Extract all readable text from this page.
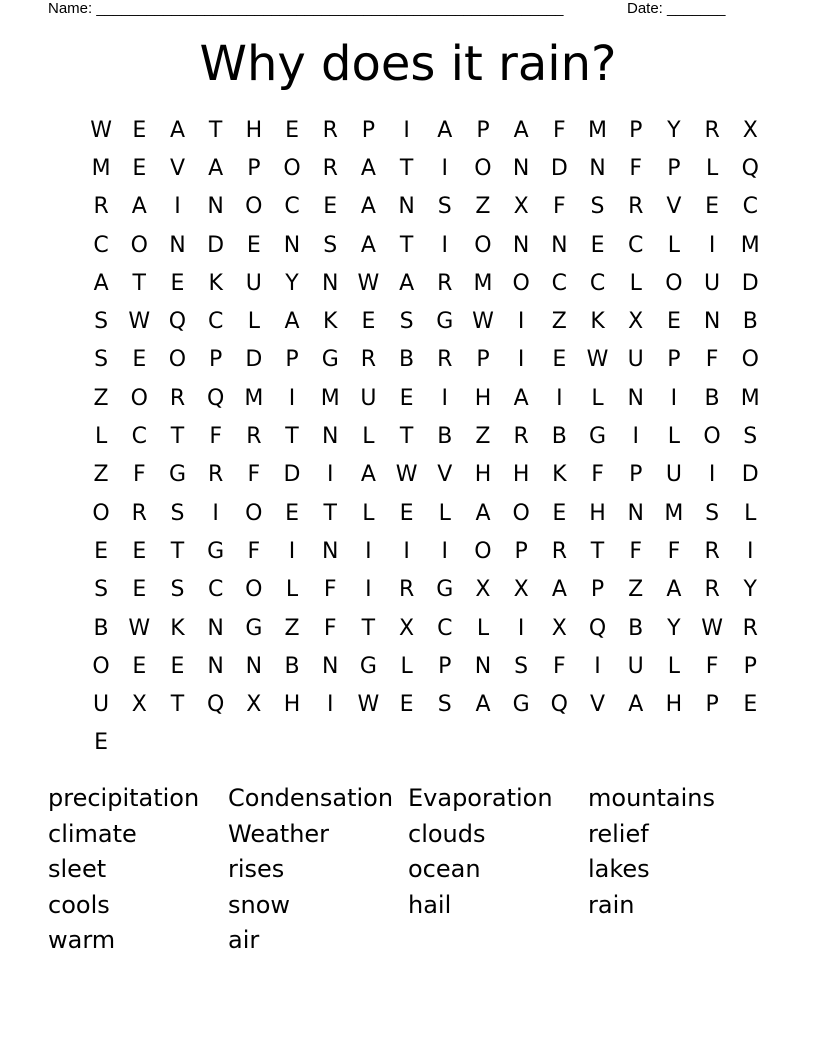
Name: ________________________________________________________	Date: _______
Why does it rain?
W E	A	T	H	E	R	P	I	A	P	A	F	M	P	Y	R	X
M E	V	A	P	O R	A	T	I	O N D N	F	P	L	Q
R	A	I	N O C	E	A	N	S	Z	X	F	S	R	V	E	C
C O N D	E	N	S	A	T	I	O N N	E	C	L	I	M
A	T	E	K	U	Y	N W A	R M O C	C	L	O U D
S W Q C	L	A	K	E	S	G W	I	Z	K	X	E	N	B
S	E	O	P	D	P	G	R	B	R	P	I	E W U	P	F	O
Z O R Q M	I	M U	E	I	H	A	I	L	N	I	B M
L	C	T	F	R	T	N	L	T	B	Z	R	B	G	I	L	O	S
Z	F	G	R	F	D	I	A W V	H H	K	F	P	U	I	D
O R	S	I	O	E	T	L	E	L	A O	E	H N M S	L
E	E	T	G	F	I	N	I	I	I	O	P	R	T	F	F	R	I
S	E	S	C O	L	F	I	R	G	X	X	A	P	Z	A	R	Y
B W K	N G	Z	F	T	X	C	L	I	X Q B	Y W R
O	E	E	N N	B	N G	L	P	N	S	F	I	U	L	F	P
U	X	T	Q X	H	I	W E	S	A	G Q	V	A	H	P	E
E
precipitation	Condensation Evaporation	mountains
climate	Weather	clouds	relief
sleet	rises	ocean	lakes
cools	snow	hail	rain
warm	air
